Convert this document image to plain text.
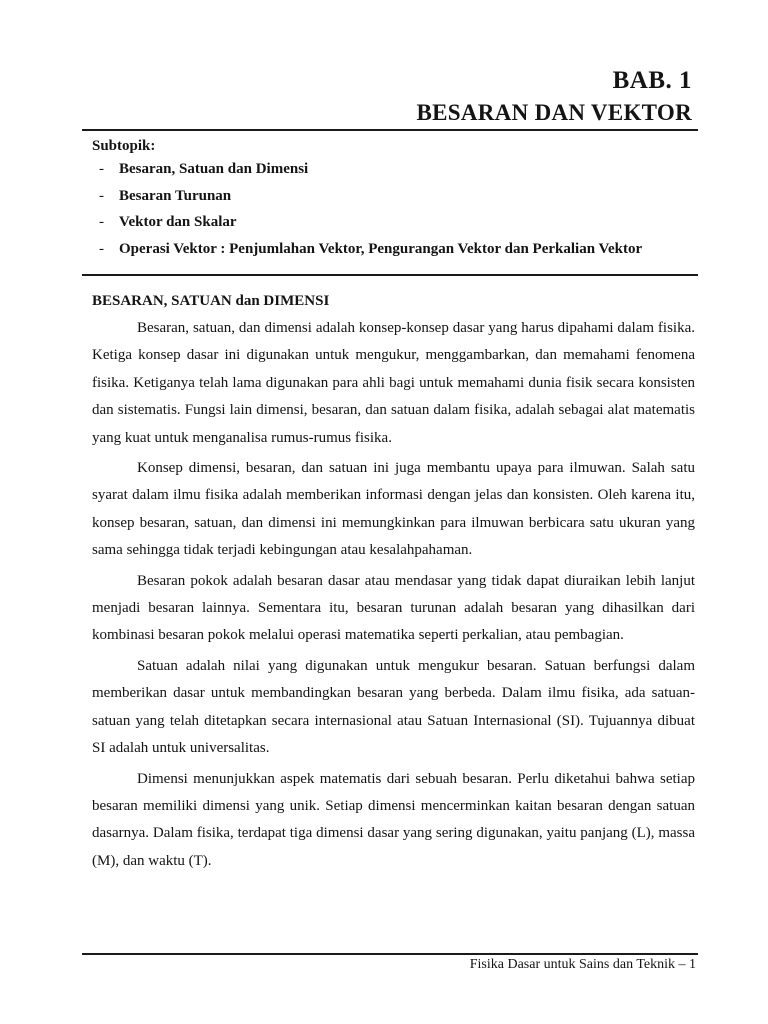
BAB. 1
BESARAN DAN VEKTOR
Subtopik:
- Besaran, Satuan dan Dimensi
- Besaran Turunan
- Vektor dan Skalar
- Operasi Vektor : Penjumlahan Vektor, Pengurangan Vektor dan Perkalian Vektor
BESARAN, SATUAN dan DIMENSI

Besaran, satuan, dan dimensi adalah konsep-konsep dasar yang harus dipahami dalam fisika. Ketiga konsep dasar ini digunakan untuk mengukur, menggambarkan, dan memahami fenomena fisika. Ketiganya telah lama digunakan para ahli bagi untuk memahami dunia fisik secara konsisten dan sistematis. Fungsi lain dimensi, besaran, dan satuan dalam fisika, adalah sebagai alat matematis yang kuat untuk menganalisa rumus-rumus fisika.

Konsep dimensi, besaran, dan satuan ini juga membantu upaya para ilmuwan. Salah satu syarat dalam ilmu fisika adalah memberikan informasi dengan jelas dan konsisten. Oleh karena itu, konsep besaran, satuan, dan dimensi ini memungkinkan para ilmuwan berbicara satu ukuran yang sama sehingga tidak terjadi kebingungan atau kesalahpahaman.

Besaran pokok adalah besaran dasar atau mendasar yang tidak dapat diuraikan lebih lanjut menjadi besaran lainnya. Sementara itu, besaran turunan adalah besaran yang dihasilkan dari kombinasi besaran pokok melalui operasi matematika seperti perkalian, atau pembagian.

Satuan adalah nilai yang digunakan untuk mengukur besaran. Satuan berfungsi dalam memberikan dasar untuk membandingkan besaran yang berbeda. Dalam ilmu fisika, ada satuan-satuan yang telah ditetapkan secara internasional atau Satuan Internasional (SI). Tujuannya dibuat SI adalah untuk universalitas.

Dimensi menunjukkan aspek matematis dari sebuah besaran. Perlu diketahui bahwa setiap besaran memiliki dimensi yang unik. Setiap dimensi mencerminkan kaitan besaran dengan satuan dasarnya. Dalam fisika, terdapat tiga dimensi dasar yang sering digunakan, yaitu panjang (L), massa (M), dan waktu (T).

Fisika Dasar untuk Sains dan Teknik – 1
